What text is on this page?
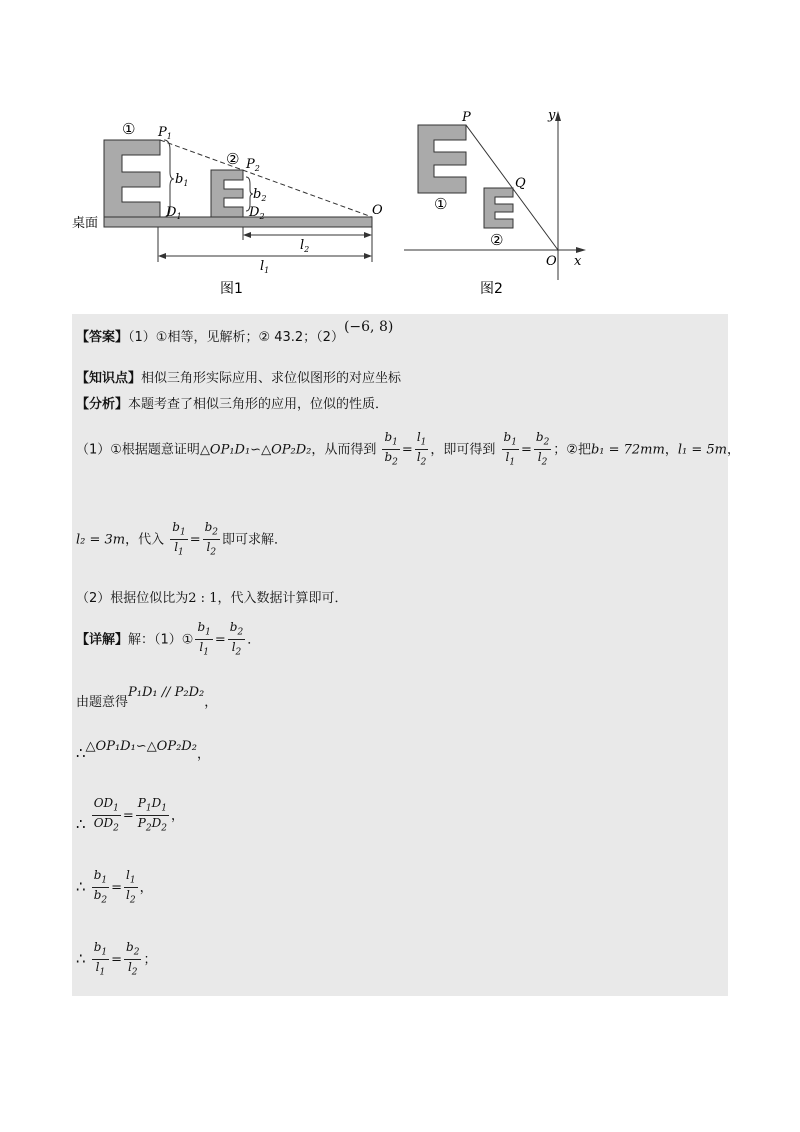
①
②
$P_1$
$P_2$
$b_1$
$b_2$
$D_1$	$D_2$	O
桌面
$l_2$
$l_1$
图1
P
Q
y
x
O
①
②
图2
【答案】（1）①相等，见解析；② 43.2；（2）(−6, 8)
【知识点】相似三角形实际应用、求位似图形的对应坐标
【分析】本题考查了相似三角形的应用，位似的性质．
（1）①根据题意证明△OP₁D₁∽△OP₂D₂，从而得到 $\frac{b_1}{b_2} = \frac{l_1}{l_2}$ ，即可得到 $\frac{b_1}{l_1} = \frac{b_2}{l_2}$ ；②把b₁ = 72mm，l₁ = 5m，
l₂ = 3m，代入 $\frac{b_1}{l_1} = \frac{b_2}{l_2}$ 即可求解．
（2）根据位似比为2 : 1，代入数据计算即可．
【详解】解：（1）① $\frac{b_1}{l_1} = \frac{b_2}{l_2}$ ．
由题意得P₁D₁ // P₂D₂，
∴△OP₁D₁∽△OP₂D₂，
∴ $\frac{OD_1}{OD_2} = \frac{P_1D_1}{P_2D_2}$ ，
∴ $\frac{b_1}{b_2} = \frac{l_1}{l_2}$ ，
∴ $\frac{b_1}{l_1} = \frac{b_2}{l_2}$ ；
